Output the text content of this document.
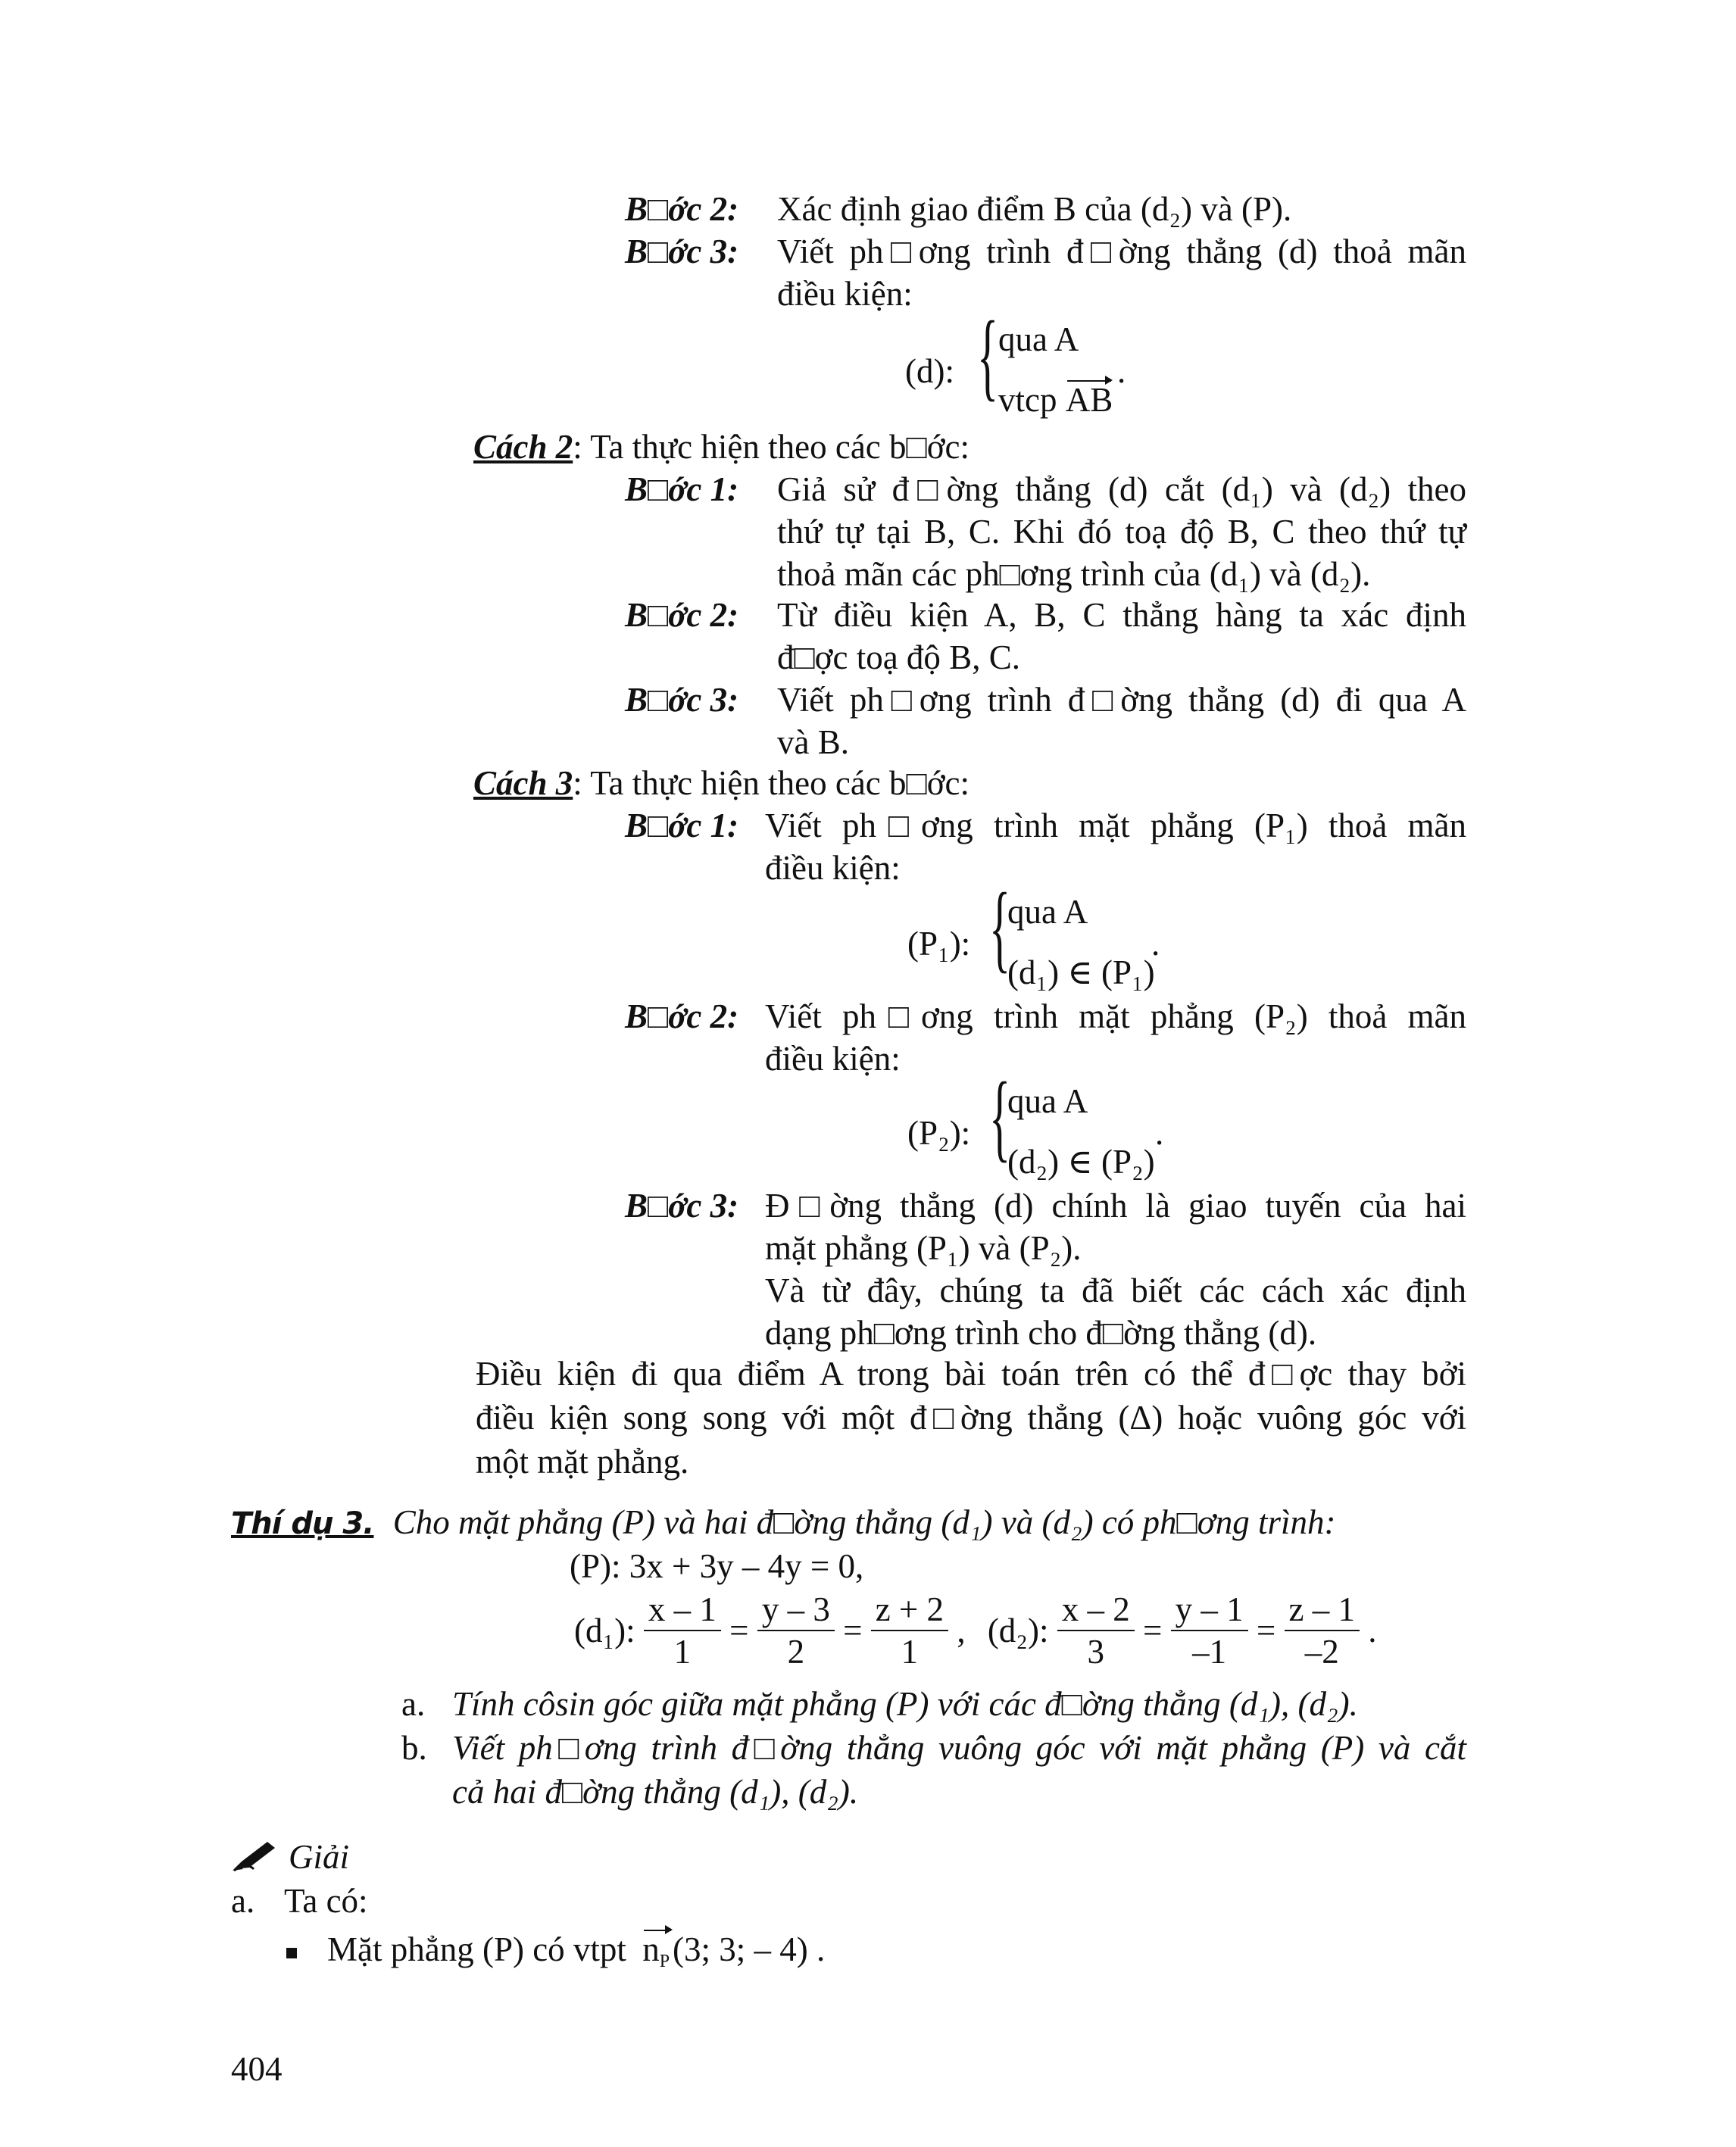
B□ớc 2: Xác định giao điểm B của (d₂) và (P).
B□ớc 3: Viết ph□ơng trình đ□ờng thẳng (d) thoả mãn
điều kiện:
(d): { qua A
vtcp AB
.
Cách 2: Ta thực hiện theo các b□ớc:
B□ớc 1: Giả sử đ□ờng thẳng (d) cắt (d₁) và (d₂) theo
thứ tự tại B, C. Khi đó toạ độ B, C theo thứ tự
thoả mãn các ph□ơng trình của (d₁) và (d₂).
B□ớc 2: Từ điều kiện A, B, C thẳng hàng ta xác định
đ□ợc toạ độ B, C.
B□ớc 3: Viết ph□ơng trình đ□ờng thẳng (d) đi qua A
và B.
Cách 3: Ta thực hiện theo các b□ớc:
B□ớc 1: Viết ph□ơng trình mặt phẳng (P₁) thoả mãn
điều kiện:
(P₁): {
qua A
(d₁) ∈ (P₁)
.
B□ớc 2: Viết ph□ơng trình mặt phẳng (P₂) thoả mãn
điều kiện:
(P₂): {
qua A
(d₂) ∈ (P₂)
.
B□ớc 3: Đ□ờng thẳng (d) chính là giao tuyến của hai
mặt phẳng (P₁) và (P₂).
Và từ đây, chúng ta đã biết các cách xác định
dạng ph□ơng trình cho đ□ờng thẳng (d).
Điều kiện đi qua điểm A trong bài toán trên có thể đ□ợc thay bởi
điều kiện song song với một đ□ờng thẳng (Δ) hoặc vuông góc với
một mặt phẳng.
Thí dụ 3. Cho mặt phẳng (P) và hai đ□ờng thẳng (d₁) và (d₂) có ph□ơng trình:
(P): 3x + 3y – 4y = 0,
(d₁): $\frac{x - 1}{1} = \frac{y - 3}{2} = \frac{z + 2}{1}$ , (d₂): $\frac{x - 2}{3} = \frac{y - 1}{-1} = \frac{z - 1}{-2}$ .
a. Tính côsin góc giữa mặt phẳng (P) với các đ□ờng thẳng (d₁), (d₂).
b. Viết ph□ơng trình đ□ờng thẳng vuông góc với mặt phẳng (P) và cắt
cả hai đ□ờng thẳng (d₁), (d₂).
Giải
a. Ta có:
Mặt phẳng (P) có vtpt $n_P(3$; 3; – 4) .
404
